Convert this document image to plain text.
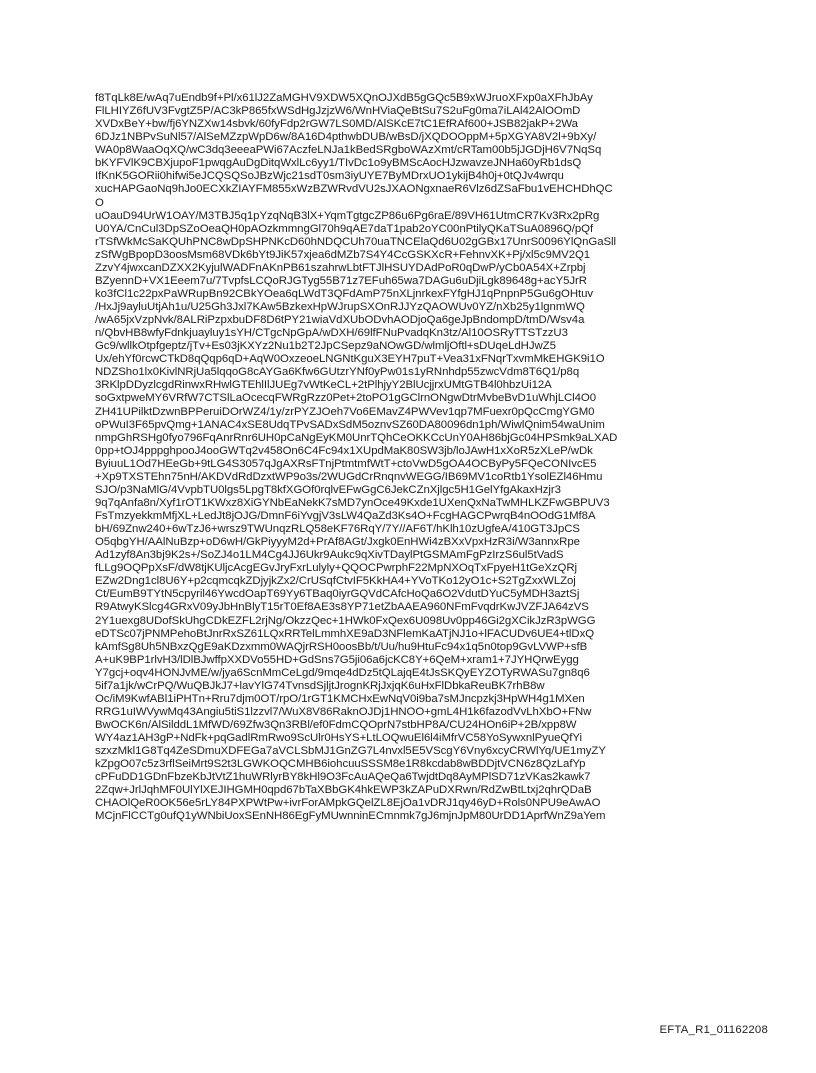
f8TqLk8E/wAq7uEndb9f+Pl/x61lJ2ZaMGHV9XDW5XQnOJXdB5gGQc5B9xWJruoXFxp0aXFhJbAy
FlLHIYZ6fUV3FvgtZ5P/AC3kP865fxWSdHgJzjzW6/WnHViaQeBtSu7S2uFg0ma7iLAl42AlOOmD
XVDxBeY+bw/fj6YNZXw14sbvk/60fyFdp2rGW7LS0MD/AlSKcE7tC1EfRAf600+JSB82jakP+2Wa
6DJz1NBPvSuNl57/AlSeMZzpWpD6w/8A16D4pthwbDUB/wBsD/jXQDOOppM+5pXGYA8V2l+9bXy/
WA0p8WaaOqXQ/wC3dq3eeeaPWi67AczfeLNJa1kBedSRgboWAzXmt/cRTam00b5jJGDjH6V7NqSq
bKYFVlK9CBXjupoF1pwqgAuDgDitqWxlLc6yy1/TIvDc1o9yBMScAocHJzwavzeJNHa60yRb1dsQ
IfKnK5GORii0hifwi5eJCQSQSoJBzWjc21sdT0sm3iyUYE7ByMDrxUO1ykijB4h0j+0tQJv4wrqu
xucHAPGaoNq9hJo0ECXkZIAYFM855xWzBZWRvdVU2sJXAONgxnaeR6Vlz6dZSaFbu1vEHCHDhQC
O
uOauD94UrW1OAY/M3TBJ5q1pYzqNqB3lX+YqmTgtgcZP86u6Pg6raE/89VH61UtmCR7Kv3Rx2pRg
U0YA/CnCul3DpSZoOeaQH0pAOzkmmngGl70h9qAE7daT1pab2oYC00nPtilyQKaTSuA0896Q/pQf
rTSfWkMcSaKQUhPNC8wDpSHPNKcD60hNDQCUh70uaTNCElaQd6U02gGBx17UnrS0096YlQnGaSll
zSfWgBpopD3oosMsm68VDk6bYt9JiK57xjea6dMZb7S4Y4CcGSKXcR+FehnvXK+Pj/xl5c9MV2Q1
ZzvY4jwxcanDZXX2KyjulWADFnAKnPB61szahrwLbtFTJlHSUYDAdPoR0qDwP/yCb0A54X+Zrpbj
BZyennD+VX1Eeem7u/7TvpfsLCQoRJGTyg55B71z7EFuh65wa7DAGu6uDjiLgk89648g+acY5JrR
ko3fCl1c22pxPaWRupBn92CBkYOea6qLWdT3QFdAmP75nXLjnrkexFYfgHJ1qPnpnP5Gu6gOHtuv
/HxJj9ayluUtjAh1u/U25Gh3Jxl7KAw5BzkexHpWJrupSXOnRJJYzQAOWUv0YZ/nXb25y1lgnmWQ
/wA65jxVzpNvk/8ALRiPzpxbuDF8D6tPY21wiaVdXUbODvhAODjoQa6geJpBndompD/tmD/Wsv4a
n/QbvHB8wfyFdnkjuayluy1sYH/CTgcNpGpA/wDXH/69lfFNuPvadqKn3tz/Al10OSRyTTSTzzU3
Gc9/wllkOtpfgeptz/jTv+Es03jKXYz2Nu1b2T2JpCSepz9aNOwGD/wlmljOftl+sDUqeLdHJwZ5
Ux/ehYf0rcwCTkD8qQqp6qD+AqW0OxzeoeLNGNtKguX3EYH7puT+Vea31xFNqrTxvmMkEHGK9i1O
NDZSho1lx0KivlNRjUa5lqqoG8cAYGa6Kfw6GUtzrYNf0yPw01s1yRNnhdp55zwcVdm8T6Q1/p8q
3RKlpDDyzlcgdRinwxRHwlGTEhlIlJUEg7vWtKeCL+2tPlhjyY2BlUcjjrxUMtGTB4l0hbzUi12A
soGxtpweMY6VRfW7CTSlLaOcecqFWRgRzz0Pet+2toPO1gGClrnONgwDtrMvbeBvD1uWhjLCl4O0
ZH41UPilktDzwnBPPeruiDOrWZ4/1y/zrPYZJOeh7Vo6EMavZ4PWVev1qp7MFuexr0pQcCmgYGM0
oPWuI3F65pvQmg+1ANAC4xSE8UdqTPvSADxSdM5oznvSZ60DA80096dn1ph/WiwlQnim54waUnim
nmpGhRSHg0fyo796FqAnrRnr6UH0pCaNgEyKM0UnrTQhCeOKKCcUnY0AH86bjGc04HPSmk9aLXAD
0pp+tOJ4pppghpooJ4ooGWTq2v458On6C4Fc94x1XUpdMaK80SW3jb/loJAwH1xXoR5zXLeP/wDk
ByiuuL1Od7HEeGb+9tLG4S3057qJgAXRsFTnjPtmtmfWtT+ctoVwD5gOA4OCByPy5FQeCONIvcE5
+Xp9TXSTEhn75nH/AKDVdRdDzxtWP9o3s/2WUGdCrRnqnvWEGG/IB69MV1coRtb1YsolEZl46Hmu
SJO/p3NaMlG/4VvpbTU0lgs5LpgT8kfXGOf0rqlvEFwGgC6JekCZnXjlgc5H1GelYfgAkaxHzjr3
9q7qAnfa8n/Xyf1rOT1KWxz8XiGYNbEaNekK7sMD7ynOce49Kxde1UXenQxNaTwMHLKZFwGBPUV3
FsTmzyekkmMfjXL+LedJt8jOJG/DmnF6iYvgjV3sLW4QaZd3Ks4O+FcgHAGCPwrqB4nOOdG1Mf8A
bH/69Znw240+6wTzJ6+wrsz9TWUnqzRLQ58eKF76RqY/7Y//AF6T/hKlh10zUgfeA/410GT3JpCS
O5qbgYH/AAlNuBzp+oD6wH/GkPiyyyM2d+PrAf8AGt/Jxgk0EnHWi4zBXxVpxHzR3i/W3annxRpe
Ad1zyf8An3bj9K2s+/SoZJ4o1LM4Cg4JJ6Ukr9Aukc9qXivTDaylPtGSMAmFgPzIrzS6ul5tVadS
fLLg9OQPpXsF/dW8tjKUljcAcgEGvJryFxrLulyly+QQOCPwrphF22MpNXOqTxFpyeH1tGeXzQRj
EZw2Dng1cl8U6Y+p2cqmcqkZDjyjkZx2/CrUSqfCtvIF5KkHA4+YVoTKo12yO1c+S2TgZxxWLZoj
Ct/EumB9TYtN5cpyril46YwcdOapT69Yy6TBaq0iyrGQVdCAfcHoQa6O2VdutDYuC5yMDH3aztSj
R9AtwyKSlcg4GRxV09yJbHnBlyT15rT0Ef8AE3s8YP71etZbAAEA960NFmFvqdrKwJVZFJA64zVS
2Y1uexg8UDofSkUhgCDkEZFL2rjNg/OkzzQec+1HWk0FxQex6U098Uv0pp46Gi2gXCikJzR3pWGG
eDTSc07jPNMPehoBtJnrRxSZ61LQxRRTelLmmhXE9aD3NFlemKaATjNJ1o+lFACUDv6UE4+tlDxQ
kAmfSg8Uh5NBxzQgE9aKDzxmm0WAQjrRSH0oosBb/t/Uu/hu9HtuFc94x1q5n0top9GvLVWP+sfB
A+uK9BP1rlvH3/lDlBJwffpXXDVo55HD+GdSns7G5ji06a6jcKC8Y+6QeM+xram1+7JYHQrwEygg
Y7gcj+oqv4HONJvME/w/jya6ScnMmCeLgd/9mqe4dDz5tQLajqE4tJsSKQyEYZOTyRWASu7gn8q6
5if7a1jk/wCrPQ/WuQBJkJ7+lavYlG74TvnsdSjljtJrognKRjJxjqK6uHxFlDbkaReuBK7rhB8w
Oc/iM9KwfABl1iPHTn+Rru7djm0OT/rpO/1rGT1KMCHxEwNqV0i9ba7sMJncpzkj3HpWH4g1MXen
RRG1uIWVywMq43Angiu5tiS1lzzvl7/WuX8V86RaknOJDj1HNOO+gmL4H1k6fazodVvLhXbO+FNw
BwOCK6n/AlSilddL1MfWD/69Zfw3Qn3RBl/ef0FdmCQOprN7stbHP8A/CU24HOn6iP+2B/xpp8W
WY4az1AH3gP+NdFk+pqGadlRmRwo9ScUlr0HsYS+LtLOQwuEl6l4iMfrVC58YoSywxnlPyueQfYi
szxzMkl1G8Tq4ZeSDmuXDFEGa7aVCLSbMJ1GnZG7L4nvxl5E5VScgY6Vny6xcyCRWlYq/UE1myZY
kZpgO07c5z3rflSeiMrt9S2t3LGWKOQCMHB6iohcuuSSSM8e1R8kcdab8wBDDjtVCN6z8QzLafYp
cPFuDD1GDnFbzeKbJtVtZ1huWRlyrBY8kHl9O3FcAuAQeQa6TwjdtDq8AyMPlSD71zVKas2kawk7
2Zqw+JrlJqhMF0UlYlXEJIHGMH0qpd67bTaXBbGK4hkEWP3kZAPuDXRwn/RdZwBtLtxj2qhrQDaB
CHAOlQeR0OK56e5rLY84PXPWtPw+ivrForAMpkGQelZL8EjOa1vDRJ1qy46yD+Rols0NPU9eAwAO
MCjnFlCCTg0ufQ1yWNbiUoxSEnNH86EgFyMUwnninECmnmk7gJ6mjnJpM80UrDD1AprfWnZ9aYem
EFTA_R1_01162208
